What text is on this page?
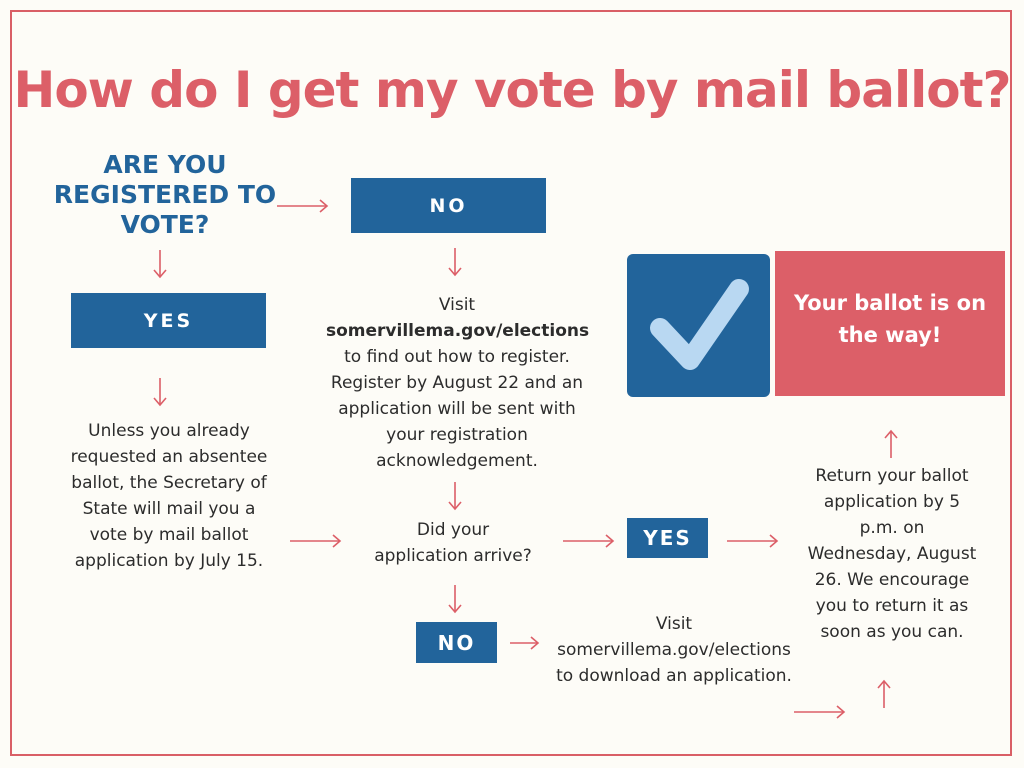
How do I get my vote by mail ballot?
ARE YOU REGISTERED TO VOTE?
NO
YES
Visit
somervillema.gov/elections
to find out how to register. Register by August 22 and an application will be sent with your registration acknowledgement.
Unless you already requested an absentee ballot, the Secretary of State will mail you a vote by mail ballot application by July 15.
Did your application arrive?
YES
NO
Visit somervillema.gov/elections to download an application.
Return your ballot application by 5 p.m. on Wednesday, August 26. We encourage you to return it as soon as you can.
Your ballot is on the way!
